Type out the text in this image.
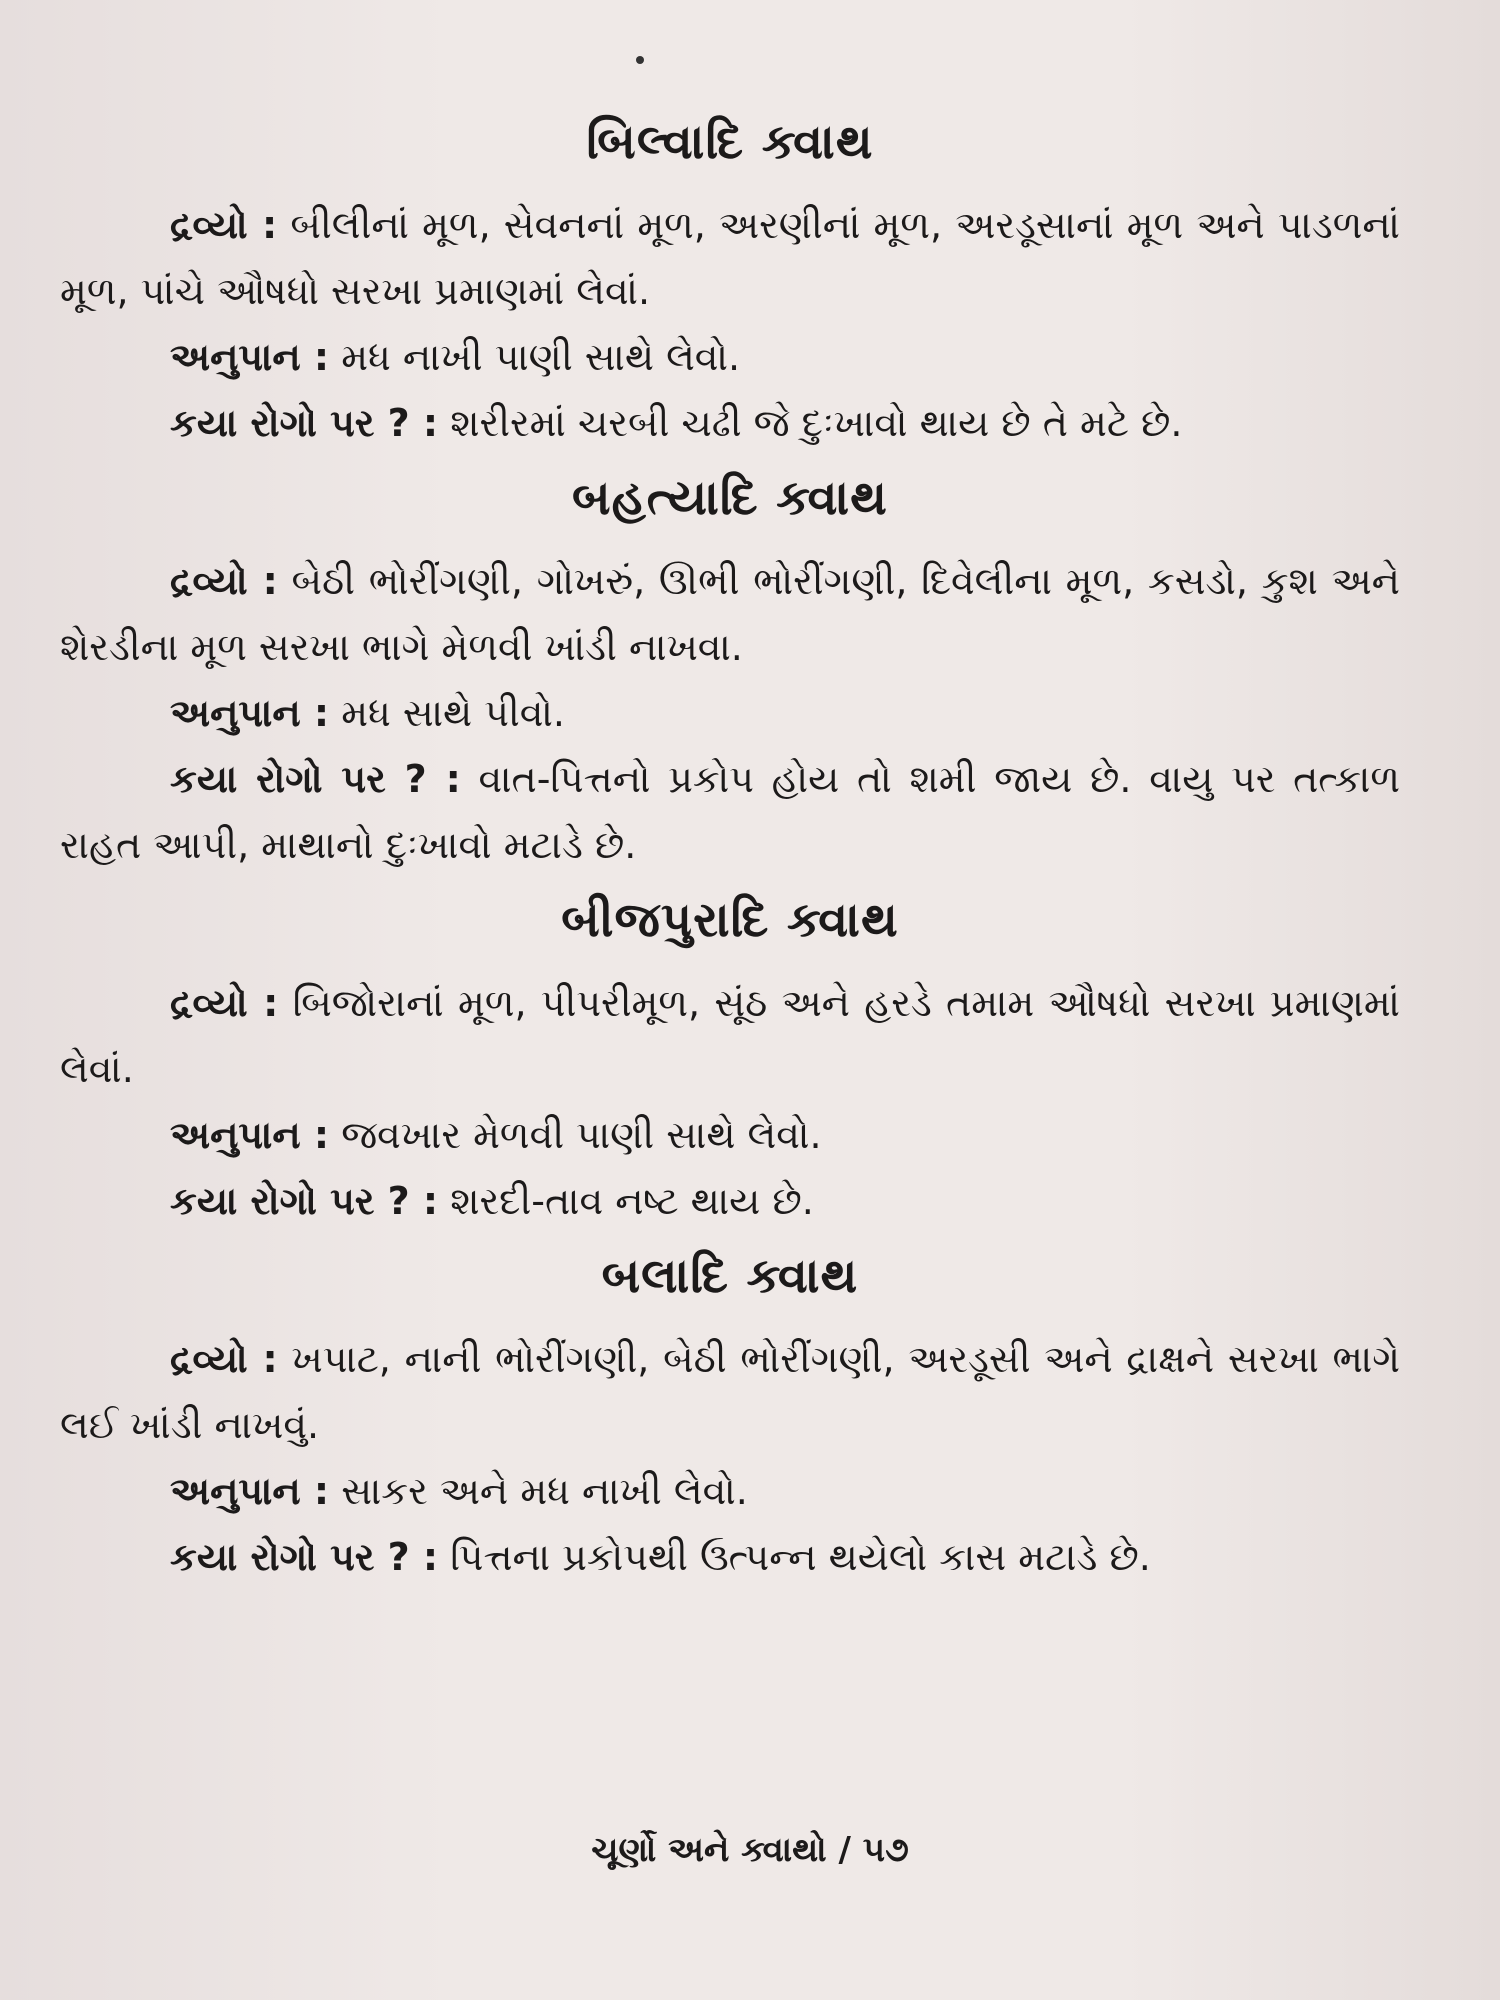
બિલ્વાદિ ક્વાથ
દ્રવ્યો : બીલીનાં મૂળ, સેવનનાં મૂળ, અરણીનાં મૂળ, અરડૂસાનાં મૂળ અને પાડળનાં મૂળ, પાંચે ઔષધો સરખા પ્રમાણમાં લેવાં.
અનુપાન : મધ નાખી પાણી સાથે લેવો.
કયા રોગો પર ? : શરીરમાં ચરબી ચઢી જે દુઃખાવો થાય છે તે મટે છે.
બહત્યાદિ ક્વાથ
દ્રવ્યો : બેઠી ભોરીંગણી, ગોખરું, ઊભી ભોરીંગણી, દિવેલીના મૂળ, કસડો, કુશ અને શેરડીના મૂળ સરખા ભાગે મેળવી ખાંડી નાખવા.
અનુપાન : મધ સાથે પીવો.
કયા રોગો પર ? : વાત-પિત્તનો પ્રકોપ હોય તો શમી જાય છે. વાયુ પર તત્કાળ રાહત આપી, માથાનો દુઃખાવો મટાડે છે.
બીજપુરાદિ ક્વાથ
દ્રવ્યો : બિજોરાનાં મૂળ, પીપરીમૂળ, સૂંઠ અને હરડે તમામ ઔષધો સરખા પ્રમાણમાં લેવાં.
અનુપાન : જવખાર મેળવી પાણી સાથે લેવો.
કયા રોગો પર ? : શરદી-તાવ નષ્ટ થાય છે.
બલાદિ ક્વાથ
દ્રવ્યો : ખપાટ, નાની ભોરીંગણી, બેઠી ભોરીંગણી, અરડૂસી અને દ્રાક્ષને સરખા ભાગે લઈ ખાંડી નાખવું.
અનુપાન : સાકર અને મધ નાખી લેવો.
કયા રોગો પર ? : પિત્તના પ્રકોપથી ઉત્પન્ન થયેલો કાસ મટાડે છે.
ચૂર્ણો અને ક્વાથો / ૫૭
